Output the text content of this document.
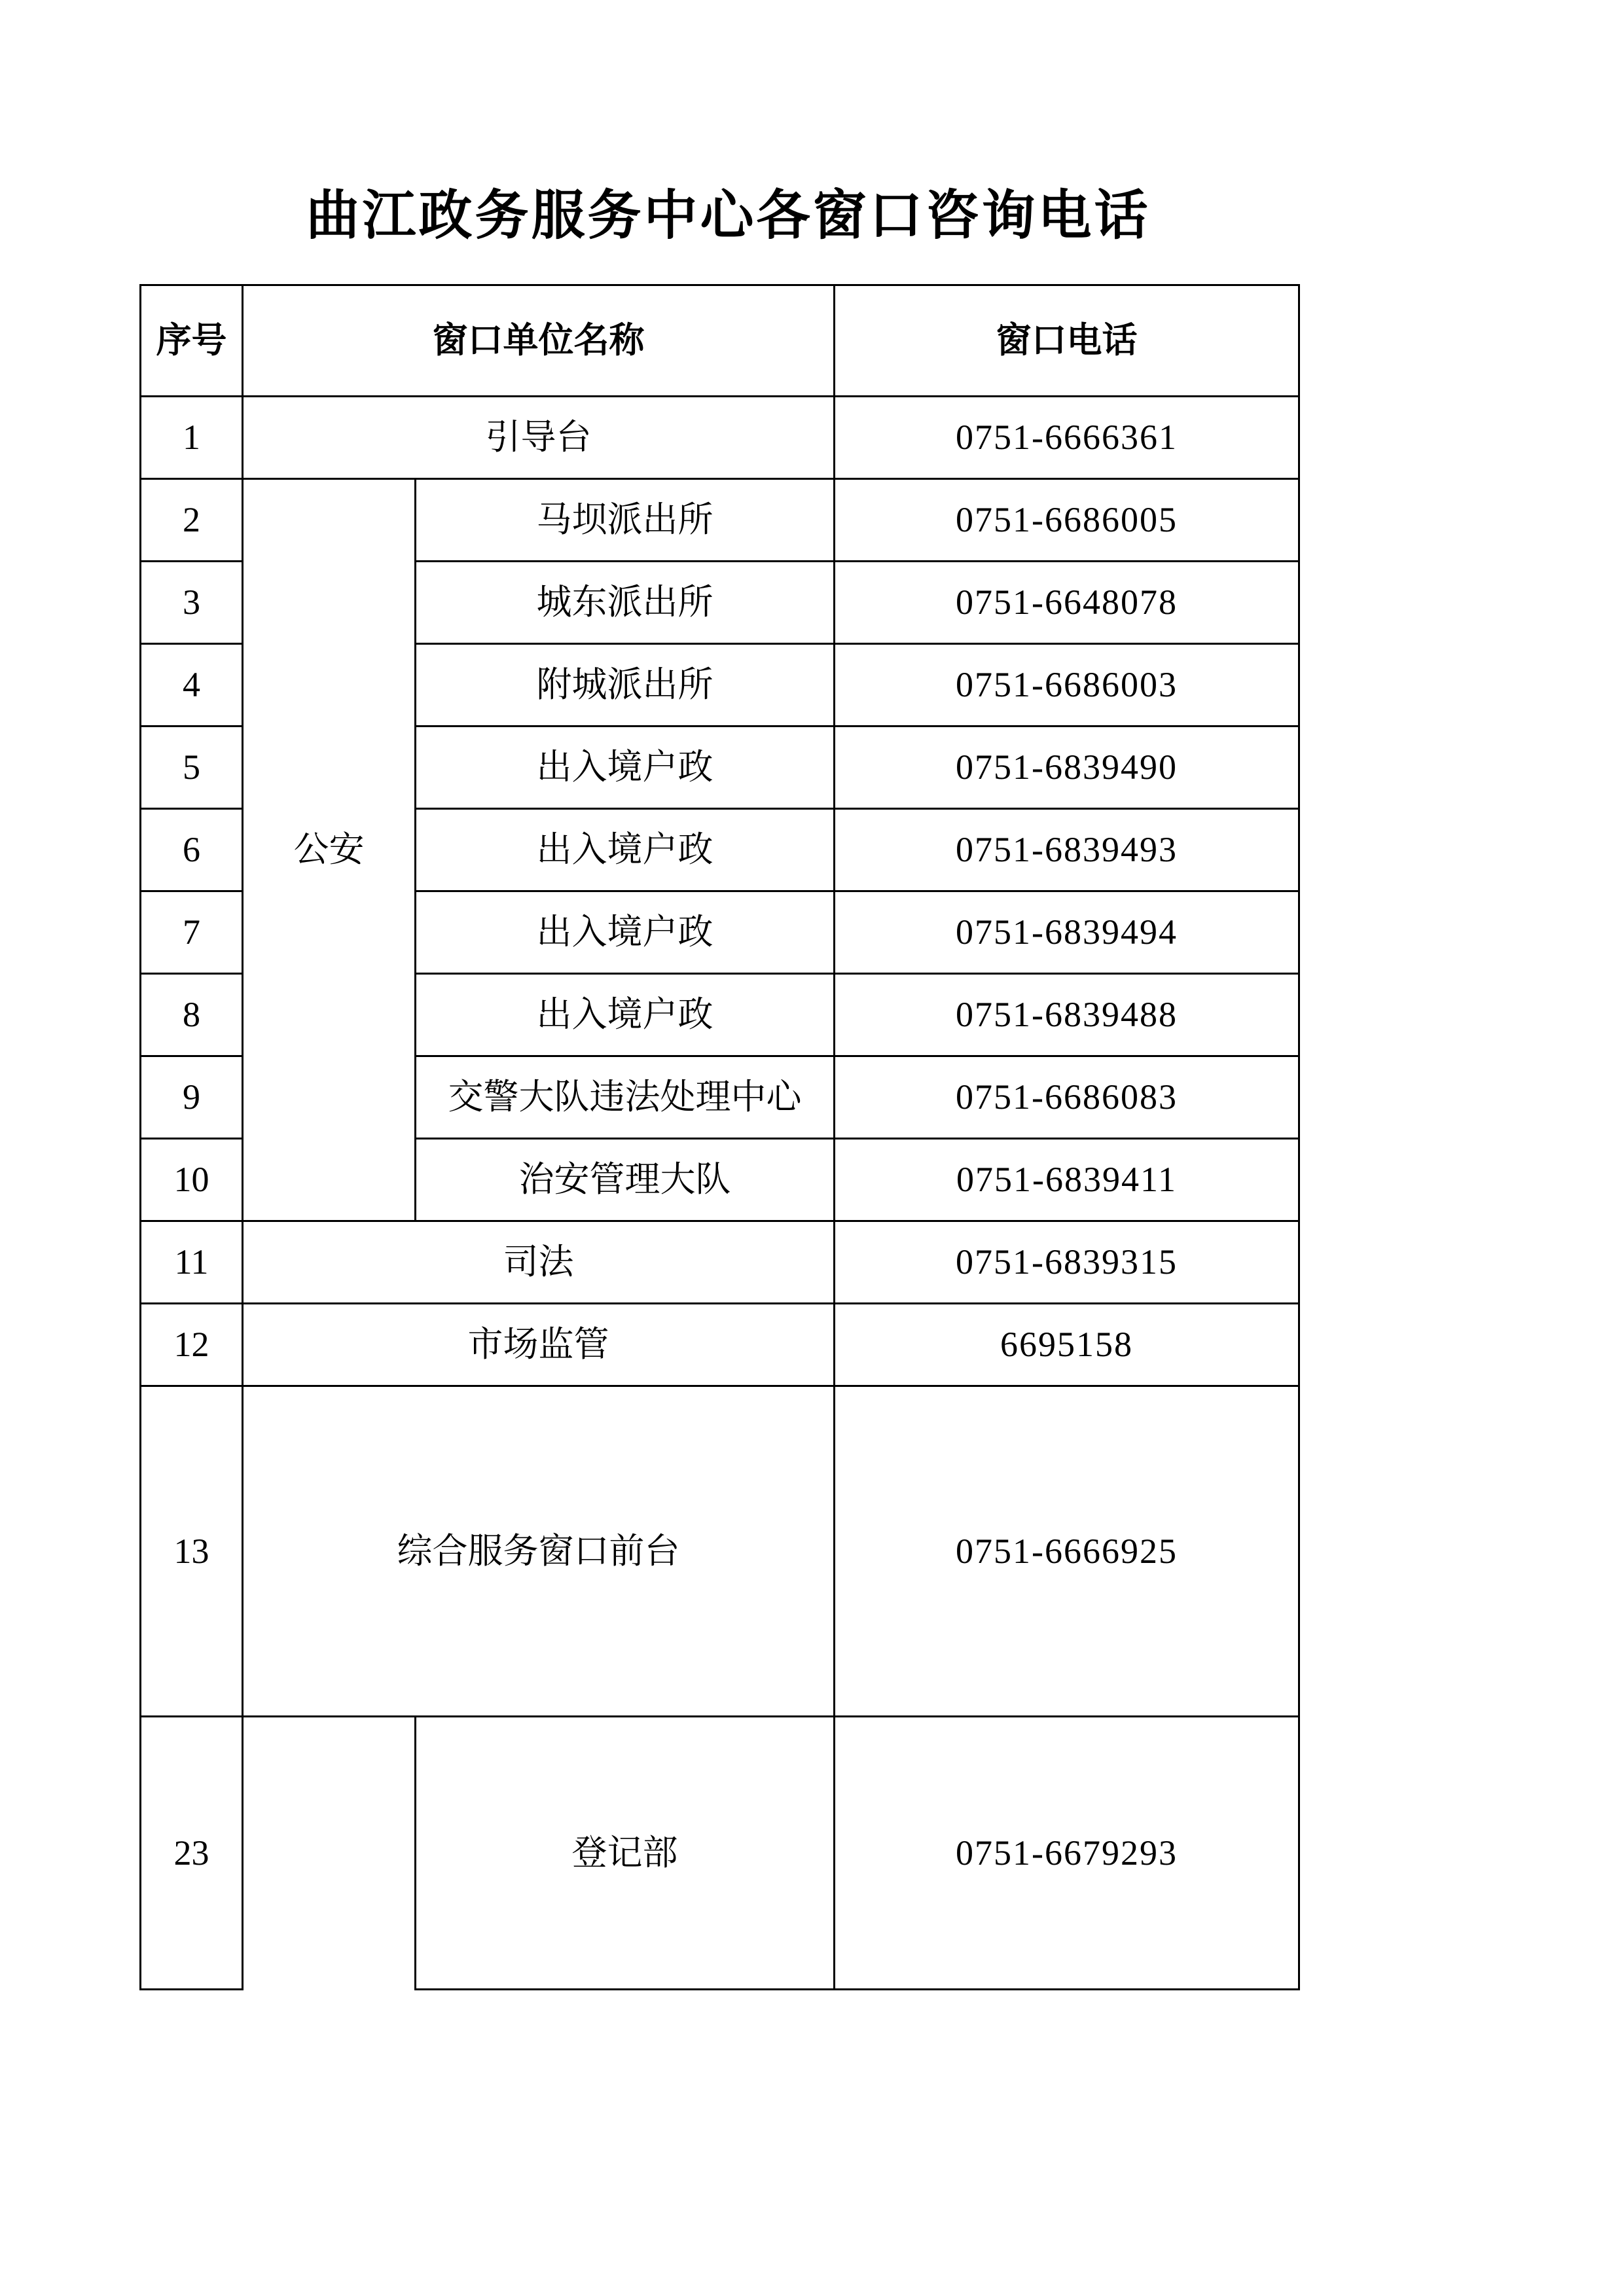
曲江政务服务中心各窗口咨询电话
序号	窗口单位名称		窗口电话
1	引导台		0751-6666361
2	公安	马坝派出所	0751-6686005
3		城东派出所	0751-6648078
4		附城派出所	0751-6686003
5		出入境户政	0751-6839490
6		出入境户政	0751-6839493
7		出入境户政	0751-6839494
8		出入境户政	0751-6839488
9		交警大队违法处理中心	0751-6686083
10		治安管理大队	0751-6839411
11	司法		0751-6839315
12	市场监管		6695158
13	综合服务窗口前台		0751-6666925
23		登记部	0751-6679293
